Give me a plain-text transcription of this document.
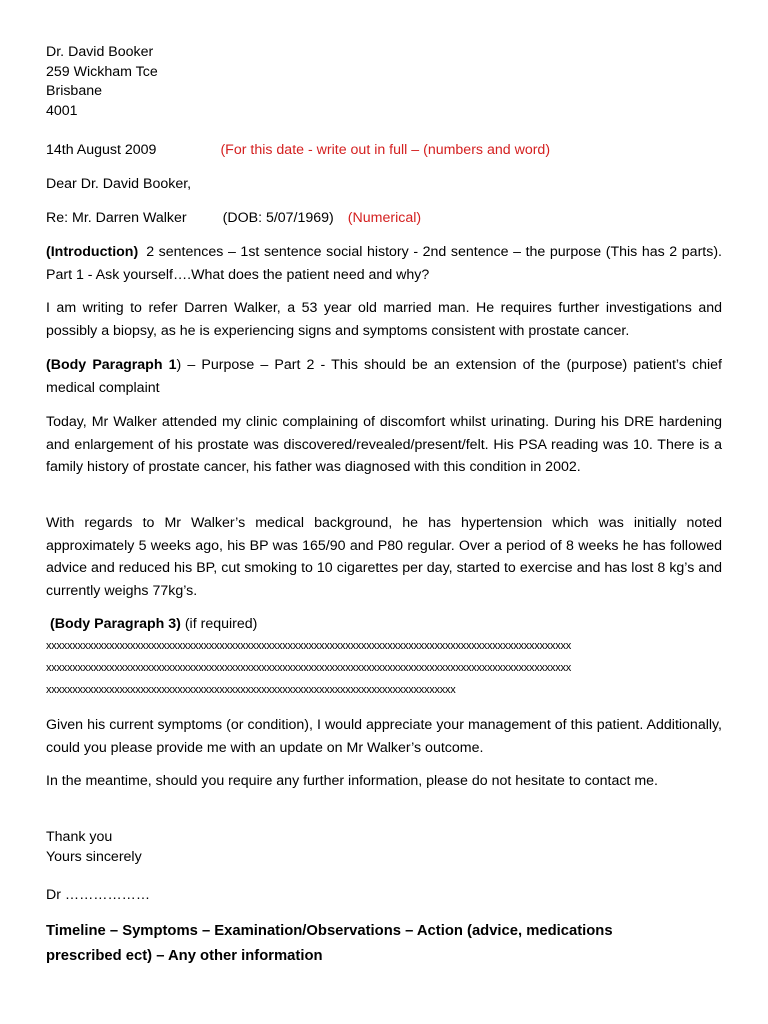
Dr. David Booker
259 Wickham Tce
Brisbane
4001
14th August 2009	(For this date - write out in full – (numbers and word)
Dear Dr. David Booker,
Re: Mr. Darren Walker	(DOB: 5/07/1969) (Numerical)
(Introduction) 2 sentences – 1st sentence social history - 2nd sentence – the purpose (This has 2 parts). Part 1 - Ask yourself….What does the patient need and why?
I am writing to refer Darren Walker, a 53 year old married man. He requires further investigations and possibly a biopsy, as he is experiencing signs and symptoms consistent with prostate cancer.
(Body Paragraph 1) – Purpose – Part 2 - This should be an extension of the (purpose) patient’s chief medical complaint
Today, Mr Walker attended my clinic complaining of discomfort whilst urinating. During his DRE hardening and enlargement of his prostate was discovered/revealed/present/felt. His PSA reading was 10. There is a family history of prostate cancer, his father was diagnosed with this condition in 2002.
With regards to Mr Walker’s medical background, he has hypertension which was initially noted approximately 5 weeks ago, his BP was 165/90 and P80 regular. Over a period of 8 weeks he has followed advice and reduced his BP, cut smoking to 10 cigarettes per day, started to exercise and has lost 8 kg’s and currently weighs 77kg’s.
(Body Paragraph 3) (if required)
xxxxxxxxxxxxxxxxxxxxxxxxxxxxxxxxxxxxxxxxxxxxxxxxxxxxxxxxxxxxxxxxxxxxxxxxxxxxxxxxxxxxxxxxxxxxxxxxxxxx
xxxxxxxxxxxxxxxxxxxxxxxxxxxxxxxxxxxxxxxxxxxxxxxxxxxxxxxxxxxxxxxxxxxxxxxxxxxxxxxxxxxxxxxxxxxxxxxxxxxx
xxxxxxxxxxxxxxxxxxxxxxxxxxxxxxxxxxxxxxxxxxxxxxxxxxxxxxxxxxxxxxxxxxxxxxxxxxxxxx
Given his current symptoms (or condition), I would appreciate your management of this patient. Additionally, could you please provide me with an update on Mr Walker’s outcome.
In the meantime, should you require any further information, please do not hesitate to contact me.
Thank you
Yours sincerely
Dr ………………
Timeline – Symptoms – Examination/Observations – Action (advice, medications prescribed ect) – Any other information
